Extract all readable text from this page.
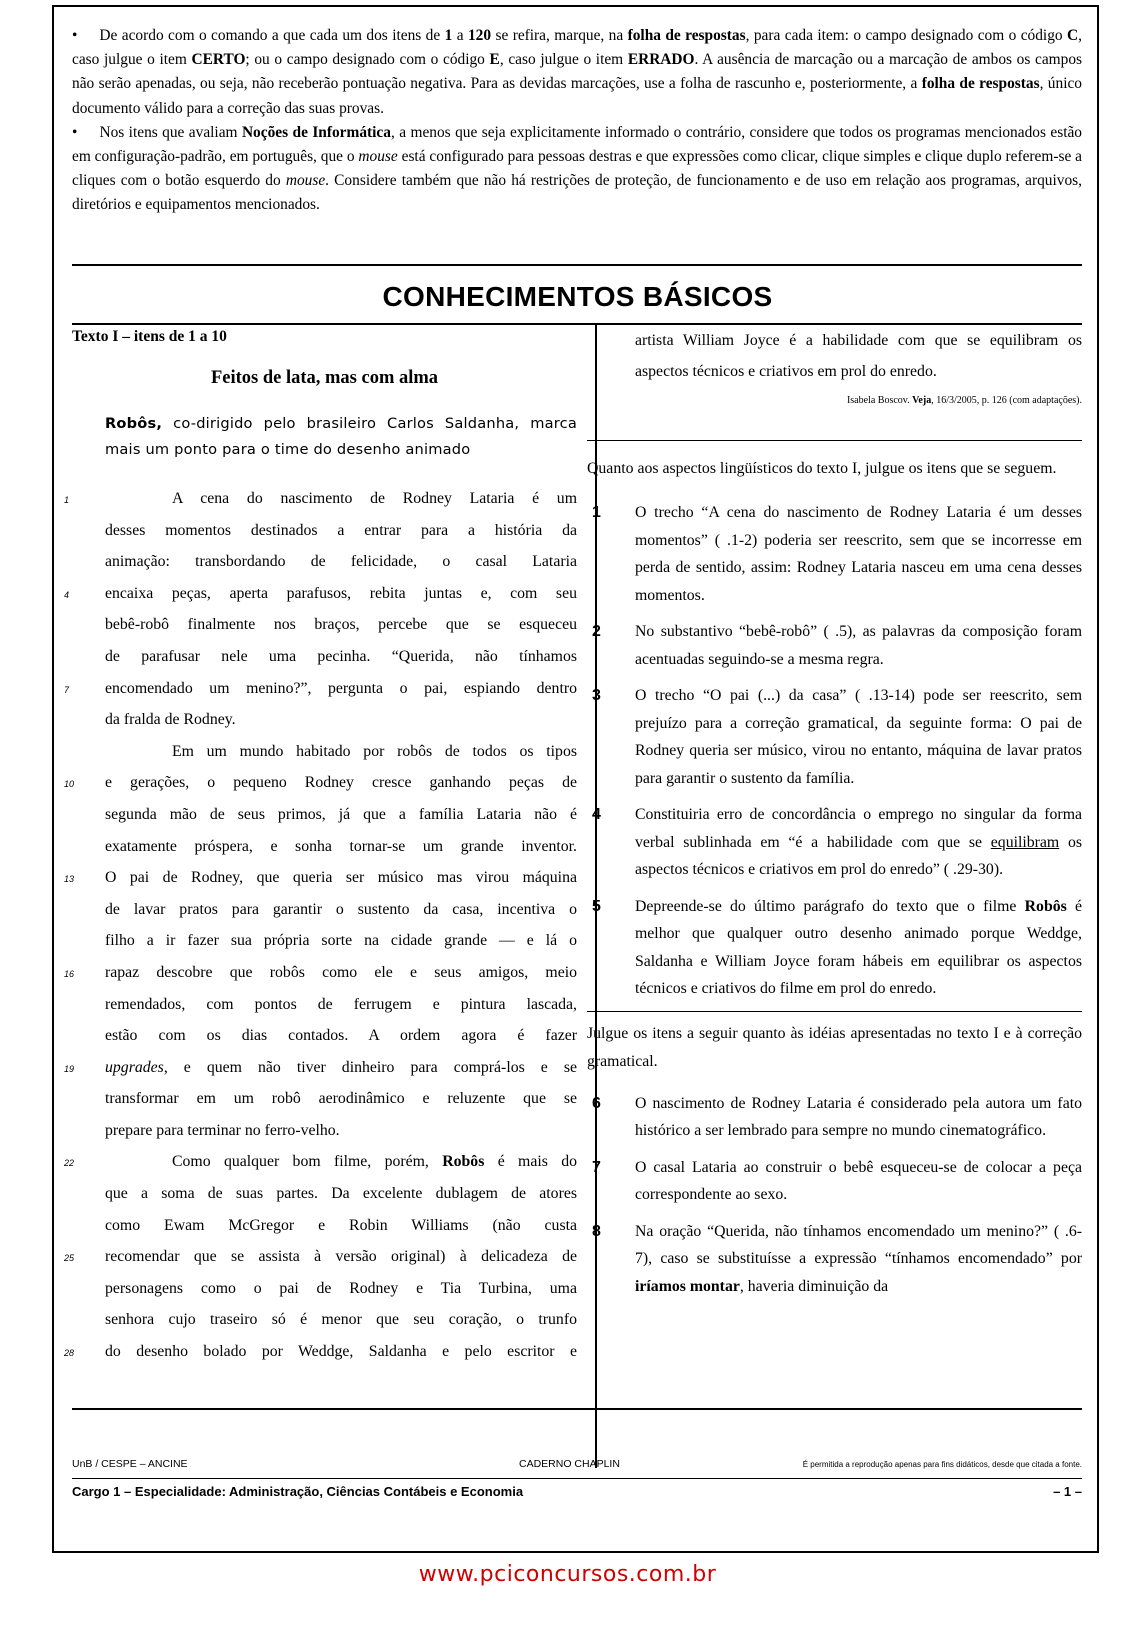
•     De acordo com o comando a que cada um dos itens de 1 a 120 se refira, marque, na folha de respostas, para cada item: o campo designado com o código C, caso julgue o item CERTO; ou o campo designado com o código E, caso julgue o item ERRADO. A ausência de marcação ou a marcação de ambos os campos não serão apenadas, ou seja, não receberão pontuação negativa. Para as devidas marcações, use a folha de rascunho e, posteriormente, a folha de respostas, único documento válido para a correção das suas provas.

•     Nos itens que avaliam Noções de Informática, a menos que seja explicitamente informado o contrário, considere que todos os programas mencionados estão em configuração-padrão, em português, que o mouse está configurado para pessoas destras e que expressões como clicar, clique simples e clique duplo referem-se a cliques com o botão esquerdo do mouse. Considere também que não há restrições de proteção, de funcionamento e de uso em relação aos programas, arquivos, diretórios e equipamentos mencionados.

CONHECIMENTOS BÁSICOS
Texto I – itens de 1 a 10
Feitos de lata, mas com alma
Robôs, co-dirigido pelo brasileiro Carlos Saldanha, marca mais um ponto para o time do desenho animado
1	A cena do nascimento de Rodney Lataria é um
desses momentos destinados a entrar para a história da
animação: transbordando de felicidade, o casal Lataria
4 encaixa peças, aperta parafusos, rebita juntas e, com seu
bebê-robô finalmente nos braços, percebe que se esqueceu
de parafusar nele uma pecinha. “Querida, não tínhamos
7 encomendado um menino?”, pergunta o pai, espiando dentro
da fralda de Rodney.
Em um mundo habitado por robôs de todos os tipos
10 e gerações, o pequeno Rodney cresce ganhando peças de
segunda mão de seus primos, já que a família Lataria não é
exatamente próspera, e sonha tornar-se um grande inventor.
13 O pai de Rodney, que queria ser músico mas virou máquina
de lavar pratos para garantir o sustento da casa, incentiva o
filho a ir fazer sua própria sorte na cidade grande — e lá o
16 rapaz descobre que robôs como ele e seus amigos, meio
remendados, com pontos de ferrugem e pintura lascada,
estão com os dias contados. A ordem agora é fazer
19 upgrades, e quem não tiver dinheiro para comprá-los e se
transformar em um robô aerodinâmico e reluzente que se
prepare para terminar no ferro-velho.
22	Como qualquer bom filme, porém, Robôs é mais do
que a soma de suas partes. Da excelente dublagem de atores
como Ewam McGregor e Robin Williams (não custa
25 recomendar que se assista à versão original) à delicadeza de
personagens como o pai de Rodney e Tia Turbina, uma
senhora cujo traseiro só é menor que seu coração, o trunfo
28 do desenho bolado por Weddge, Saldanha e pelo escritor e
artista William Joyce é a habilidade com que se equilibram os aspectos técnicos e criativos em prol do enredo.
Isabela Boscov. Veja, 16/3/2005, p. 126 (com adaptações).
Quanto aos aspectos lingüísticos do texto I, julgue os itens que se seguem.
1 O trecho “A cena do nascimento de Rodney Lataria é um desses momentos” ( .1-2) poderia ser reescrito, sem que se incorresse em perda de sentido, assim: Rodney Lataria nasceu em uma cena desses momentos.
2 No substantivo “bebê-robô” ( .5), as palavras da composição foram acentuadas seguindo-se a mesma regra.
3 O trecho “O pai (...) da casa” ( .13-14) pode ser reescrito, sem prejuízo para a correção gramatical, da seguinte forma: O pai de Rodney queria ser músico, virou no entanto, máquina de lavar pratos para garantir o sustento da família.
4 Constituiria erro de concordância o emprego no singular da forma verbal sublinhada em “é a habilidade com que se equilibram os aspectos técnicos e criativos em prol do enredo” ( .29-30).
5 Depreende-se do último parágrafo do texto que o filme Robôs é melhor que qualquer outro desenho animado porque Weddge, Saldanha e William Joyce foram hábeis em equilibrar os aspectos técnicos e criativos do filme em prol do enredo.
Julgue os itens a seguir quanto às idéias apresentadas no texto I e à correção gramatical.
6 O nascimento de Rodney Lataria é considerado pela autora um fato histórico a ser lembrado para sempre no mundo cinematográfico.
7 O casal Lataria ao construir o bebê esqueceu-se de colocar a peça correspondente ao sexo.
8 Na oração “Querida, não tínhamos encomendado um menino?” ( .6-7), caso se substituísse a expressão “tínhamos encomendado” por iríamos montar, haveria diminuição da
UnB / CESPE – ANCINE	CADERNO CHAPLIN	É permitida a reprodução apenas para fins didáticos, desde que citada a fonte.
Cargo 1 – Especialidade: Administração, Ciências Contábeis e Economia	– 1 –
www.pciconcursos.com.br
